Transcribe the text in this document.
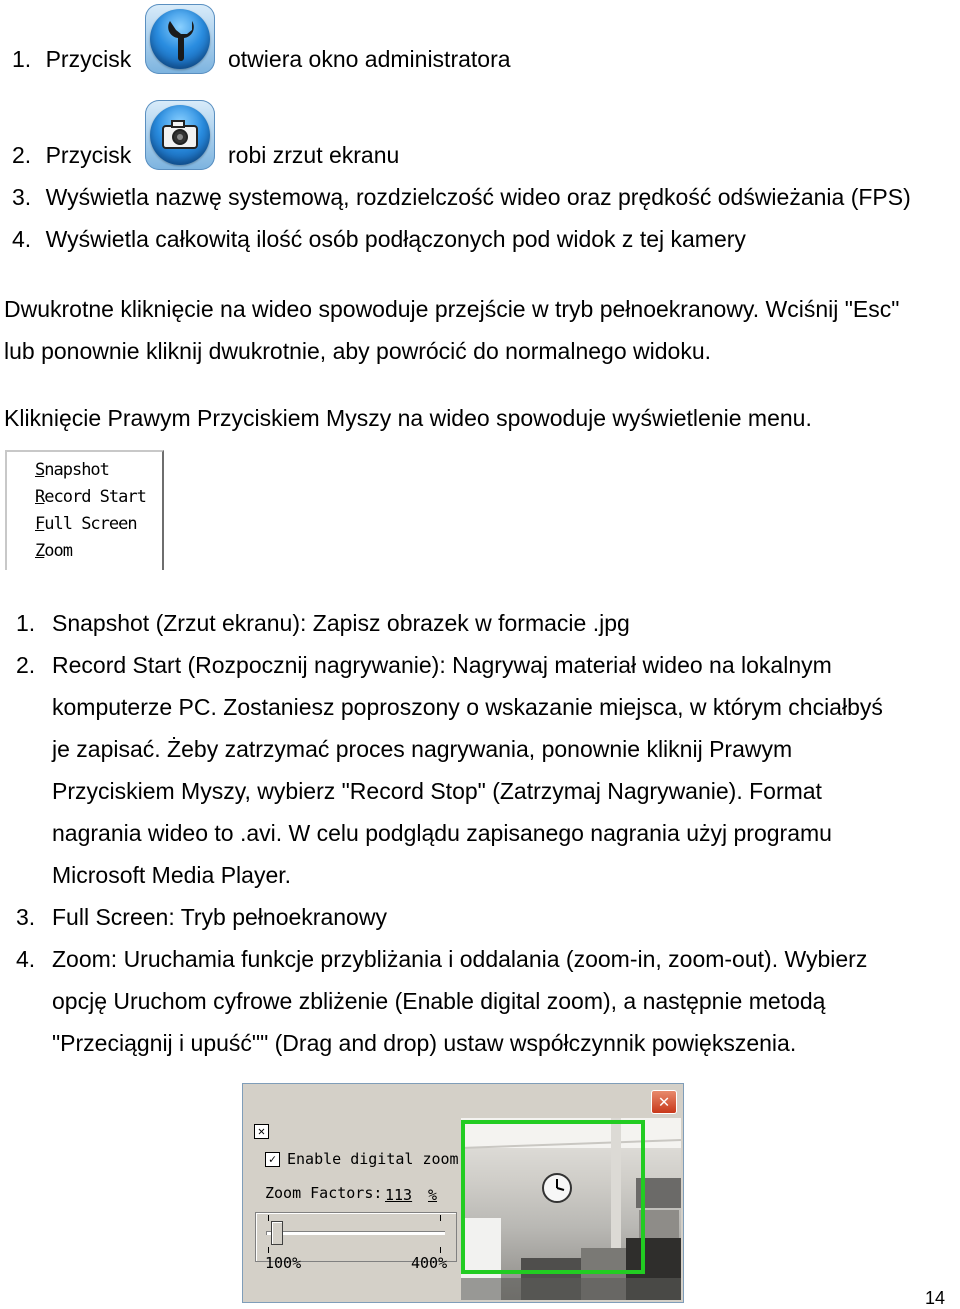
1. Przycisk	otwiera okno administratora
2. Przycisk	robi zrzut ekranu
3. Wyświetla nazwę systemową, rozdzielczość wideo oraz prędkość odświeżania (FPS)
4. Wyświetla całkowitą ilość osób podłączonych pod widok z tej kamery
Dwukrotne kliknięcie na wideo spowoduje przejście w tryb pełnoekranowy. Wciśnij "Esc"
lub ponownie kliknij dwukrotnie, aby powrócić do normalnego widoku.
Kliknięcie Prawym Przyciskiem Myszy na wideo spowoduje wyświetlenie menu.
Snapshot
Record Start
Full Screen
Zoom
1. Snapshot (Zrzut ekranu): Zapisz obrazek w formacie .jpg
2. Record Start (Rozpocznij nagrywanie): Nagrywaj materiał wideo na lokalnym
komputerze PC. Zostaniesz poproszony o wskazanie miejsca, w którym chciałbyś
je zapisać. Żeby zatrzymać proces nagrywania, ponownie kliknij Prawym
Przyciskiem Myszy, wybierz "Record Stop" (Zatrzymaj Nagrywanie). Format
nagrania wideo to .avi. W celu podglądu zapisanego nagrania użyj programu
Microsoft Media Player.
3. Full Screen: Tryb pełnoekranowy
4. Zoom: Uruchamia funkcje przybliżania i oddalania (zoom-in, zoom-out). Wybierz
opcję Uruchom cyfrowe zbliżenie (Enable digital zoom), a następnie metodą
"Przeciągnij i upuść"" (Drag and drop) ustaw współczynnik powiększenia.
✕
✕
✓ Enable digital zoom
Zoom Factors: 113 %
100%	400%
14
